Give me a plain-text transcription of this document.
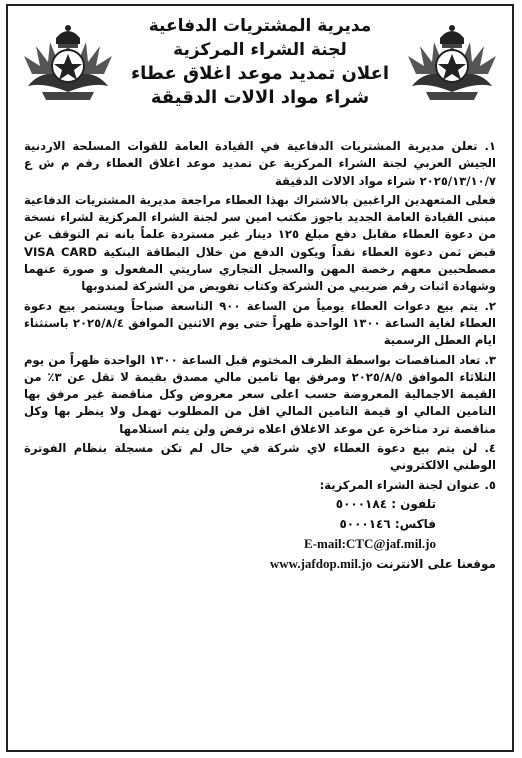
مديرية المشتريات الدفاعية
لجنة الشراء المركزية
اعلان تمديد موعد اغلاق عطاء
شراء مواد الالات الدقيقة

١. تعلن مديرية المشتريات الدفاعية في القيادة العامة للقوات المسلحة الاردنية الجيش العربي لجنة الشراء المركزية عن تمديد موعد اغلاق العطاء رقم م ش ع ٢٠٢٥/١٣/١٠/٧ شراء مواد الالات الدقيقة

فعلى المتعهدين الراغبين بالاشتراك بهذا العطاء مراجعة مديرية المشتريات الدفاعية مبنى القيادة العامة الجديد باجوز مكتب امين سر لجنة الشراء المركزية لشراء نسخة من دعوة العطاء مقابل دفع مبلغ ١٢٥ دينار غير مستردة علماً بانه تم التوقف عن قبض ثمن دعوة العطاء نقداً ويكون الدفع من خلال البطاقة البنكية VISA CARD مصطحبين معهم رخصة المهن والسجل التجاري ساريتي المفعول و صورة عنهما وشهادة اثبات رقم ضريبي من الشركة وكتاب تفويض من الشركة لمندوبها

٢. يتم بيع دعوات العطاء يومياً من الساعة ٩٠٠ التاسعة صباحاً ويستمر بيع دعوة العطاء لغاية الساعة ١٣٠٠ الواحدة ظهراً حتى يوم الاثنين الموافق ٢٠٢٥/٨/٤ باستثناء ايام العطل الرسمية

٣. تعاد المناقصات بواسطة الظرف المختوم قبل الساعة ١٣٠٠ الواحدة ظهراً من يوم الثلاثاء الموافق ٢٠٢٥/٨/٥ ومرفق بها تامين مالي مصدق بقيمة لا تقل عن ٣٪ من القيمة الاجمالية المعروضة حسب اعلى سعر معروض وكل مناقصة غير مرفق بها التامين المالي او قيمة التامين المالي اقل من المطلوب تهمل ولا ينظر بها وكل مناقصة ترد متاخرة عن موعد الاغلاق اعلاه ترفض ولن يتم استلامها

٤. لن يتم بيع دعوة العطاء لاي شركة في حال لم تكن مسجلة بنظام الفوترة الوطني الالكتروني

٥. عنوان لجنة الشراء المركزية:

تلفون : ٥٠٠٠١٨٤
فاكس: ٥٠٠٠١٤٦
E-mail:CTC@jaf.mil.jo
موقعنا على الانترنت www.jafdop.mil.jo
